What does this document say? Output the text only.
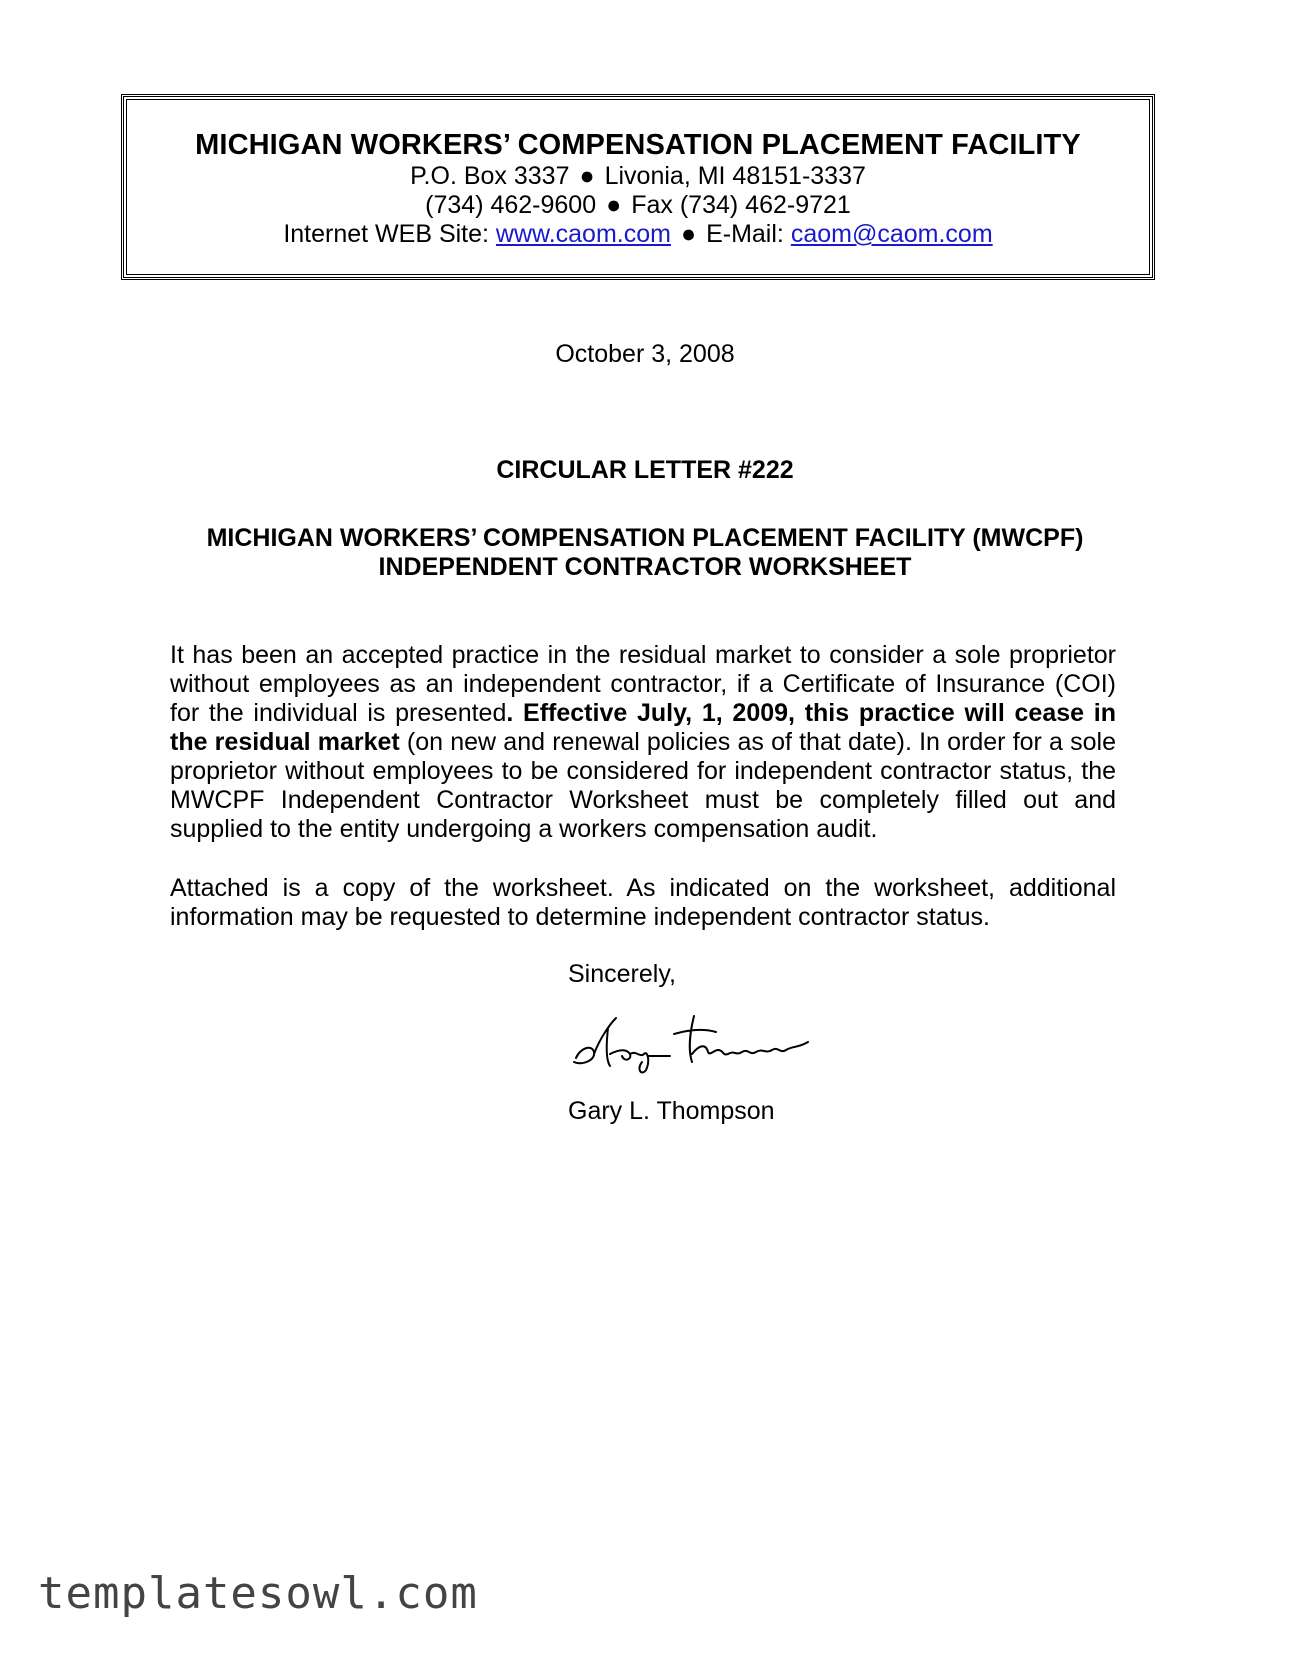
MICHIGAN WORKERS’ COMPENSATION PLACEMENT FACILITY
P.O. Box 3337 ● Livonia, MI 48151-3337
(734) 462-9600 ● Fax (734) 462-9721
Internet WEB Site: www.caom.com ● E-Mail: caom@caom.com
October 3, 2008
CIRCULAR LETTER #222
MICHIGAN WORKERS’ COMPENSATION PLACEMENT FACILITY (MWCPF)
INDEPENDENT CONTRACTOR WORKSHEET

It has been an accepted practice in the residual market to consider a sole proprietor without employees as an independent contractor, if a Certificate of Insurance (COI) for the individual is presented. Effective July, 1, 2009, this practice will cease in the residual market (on new and renewal policies as of that date). In order for a sole proprietor without employees to be considered for independent contractor status, the MWCPF Independent Contractor Worksheet must be completely filled out and supplied to the entity undergoing a workers compensation audit.

Attached is a copy of the worksheet. As indicated on the worksheet, additional information may be requested to determine independent contractor status.

Sincerely,
Gary L. Thompson
templatesowl.com
